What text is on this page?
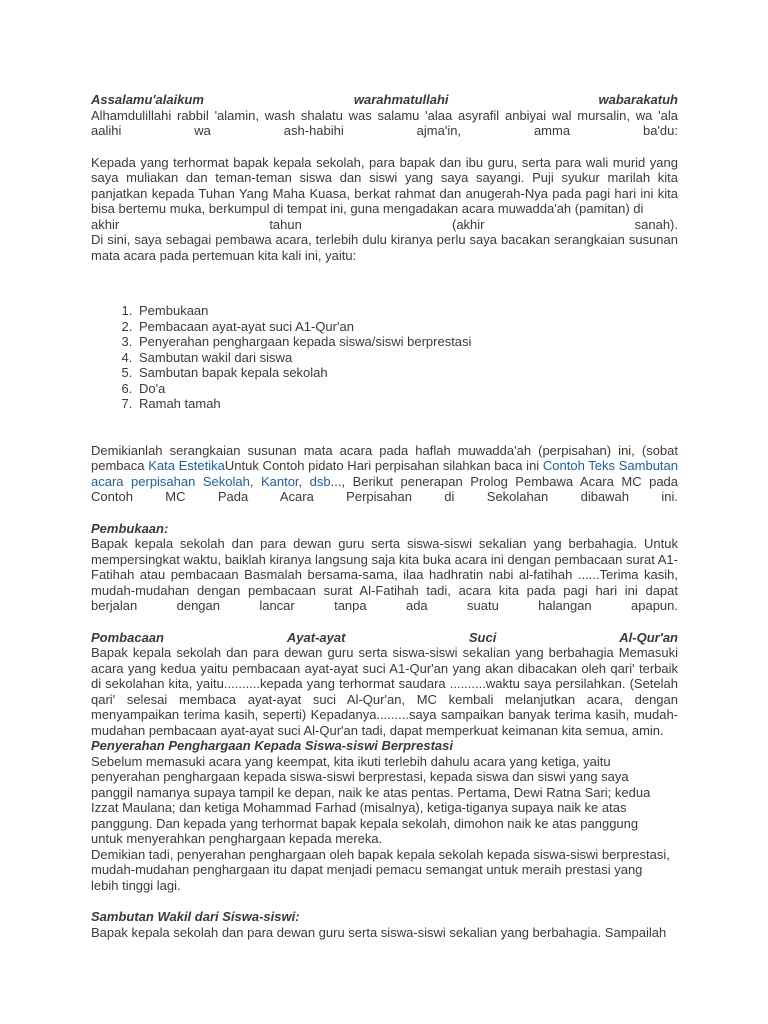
Assalamu'alaikum	warahmatullahi	wabarakatuh

Alhamdulillahi rabbil 'alamin, wash shalatu was salamu 'alaa asyrafil anbiyai wal mursalin, wa 'ala

aalihi wa ash-habihi ajma'in, amma ba'du:

Kepada yang terhormat bapak kepala sekolah, para bapak dan ibu guru, serta para wali murid yang saya muliakan dan teman-teman siswa dan siswi yang saya sayangi. Puji syukur marilah kita panjatkan kepada Tuhan Yang Maha Kuasa, berkat rahmat dan anugerah-Nya pada pagi hari ini kita bisa bertemu muka, berkumpul di tempat ini, guna mengadakan acara muwadda'ah (pamitan) di

akhir tahun (akhir sanah).

Di sini, saya sebagai pembawa acara, terlebih dulu kiranya perlu saya bacakan serangkaian susunan mata acara pada pertemuan kita kali ini, yaitu:

1. Pembukaan
2. Pembacaan ayat-ayat suci A1-Qur'an
3. Penyerahan penghargaan kepada siswa/siswi berprestasi
4. Sambutan wakil dari siswa
5. Sambutan bapak kepala sekolah
6. Do'a
7. Ramah tamah

Demikianlah serangkaian susunan mata acara pada haflah muwadda'ah (perpisahan) ini, (sobat pembaca Kata EstetikaUntuk Contoh pidato Hari perpisahan silahkan baca ini Contoh Teks Sambutan acara perpisahan Sekolah, Kantor, dsb..., Berikut penerapan Prolog Pembawa Acara MC pada Contoh MC Pada Acara Perpisahan di Sekolahan dibawah ini.

Pembukaan:

Bapak kepala sekolah dan para dewan guru serta siswa-siswi sekalian yang berbahagia. Untuk mempersingkat waktu, baiklah kiranya langsung saja kita buka acara ini dengan pembacaan surat A1-Fatihah atau pembacaan Basmalah bersama-sama, ilaa hadhratin nabi al-fatihah ......Terima kasih, mudah-mudahan dengan pembacaan surat Al-Fatihah tadi, acara kita pada pagi hari ini dapat berjalan dengan lancar tanpa ada suatu halangan apapun.

Pombacaan	Ayat-ayat	Suci	Al-Qur'an

Bapak kepala sekolah dan para dewan guru serta siswa-siswi sekalian yang berbahagia Memasuki acara yang kedua yaitu pembacaan ayat-ayat suci A1-Qur'an yang akan dibacakan oleh qari' terbaik di sekolahan kita, yaitu..........kepada yang terhormat saudara ..........waktu saya persilahkan. (Setelah qari' selesai membaca ayat-ayat suci Al-Qur'an, MC kembali melanjutkan acara, dengan menyampaikan terima kasih, seperti) Kepadanya.........saya sampaikan banyak terima kasih, mudah-mudahan pembacaan ayat-ayat suci Al-Qur'an tadi, dapat memperkuat keimanan kita semua, amin.

Penyerahan Penghargaan Kepada Siswa-siswi Berprestasi

Sebelum memasuki acara yang keempat, kita ikuti terlebih dahulu acara yang ketiga, yaitu

penyerahan penghargaan kepada siswa-siswi berprestasi, kepada siswa dan siswi yang saya

panggil namanya supaya tampil ke depan, naik ke atas pentas. Pertama, Dewi Ratna Sari; kedua

Izzat Maulana; dan ketiga Mohammad Farhad (misalnya), ketiga-tiganya supaya naik ke atas

panggung. Dan kepada yang terhormat bapak kepala sekolah, dimohon naik ke atas panggung

untuk menyerahkan penghargaan kepada mereka.

Demikian tadi, penyerahan penghargaan oleh bapak kepala sekolah kepada siswa-siswi berprestasi,

mudah-mudahan penghargaan itu dapat menjadi pemacu semangat untuk meraih prestasi yang

lebih tinggi lagi.

Sambutan Wakil dari Siswa-siswi:

Bapak kepala sekolah dan para dewan guru serta siswa-siswi sekalian yang berbahagia. Sampailah
